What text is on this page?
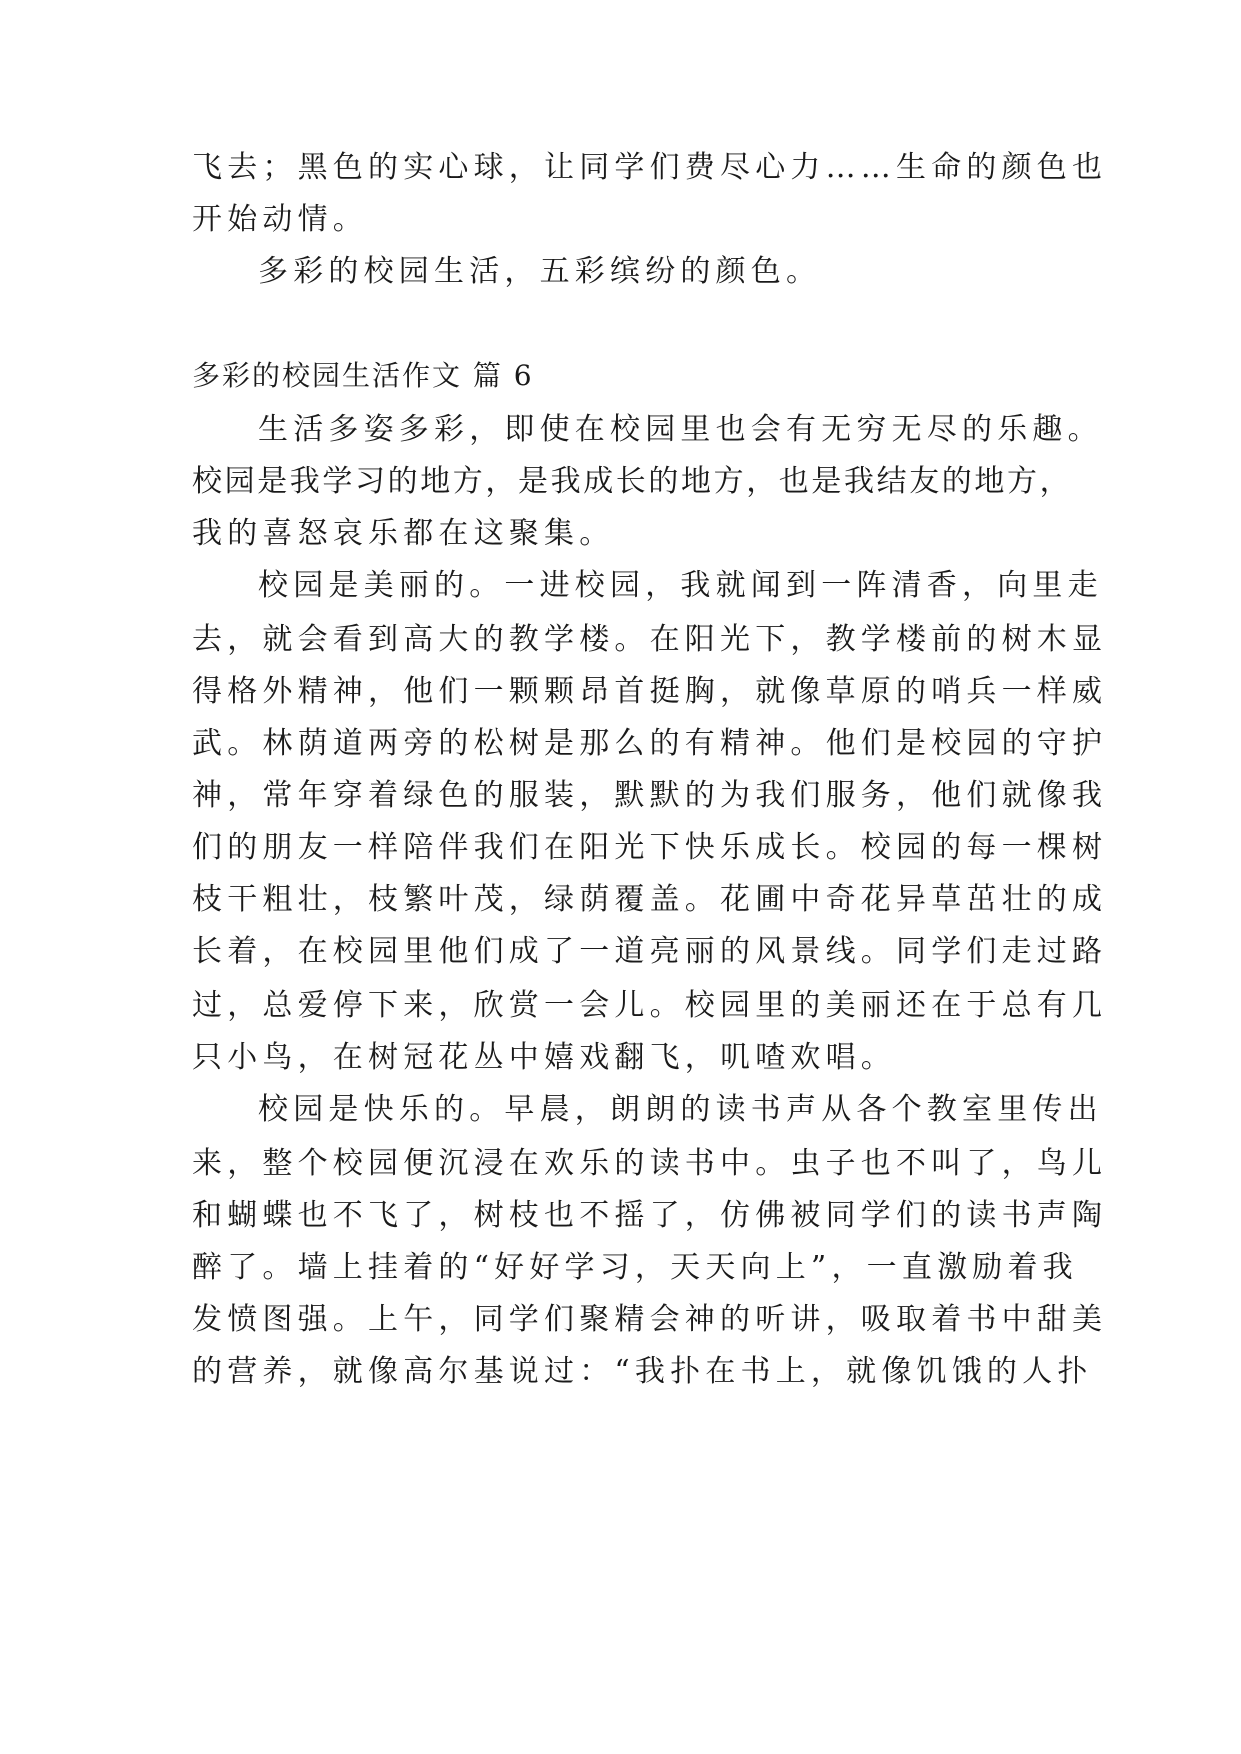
飞去；黑色的实心球，让同学们费尽心力……生命的颜色也
开始动情。
多彩的校园生活，五彩缤纷的颜色。
多彩的校园生活作文 篇 6
生活多姿多彩，即使在校园里也会有无穷无尽的乐趣。
校园是我学习的地方，是我成长的地方，也是我结友的地方，
我的喜怒哀乐都在这聚集。
校园是美丽的。一进校园，我就闻到一阵清香，向里走
去，就会看到高大的教学楼。在阳光下，教学楼前的树木显
得格外精神，他们一颗颗昂首挺胸，就像草原的哨兵一样威
武。林荫道两旁的松树是那么的有精神。他们是校园的守护
神，常年穿着绿色的服装，默默的为我们服务，他们就像我
们的朋友一样陪伴我们在阳光下快乐成长。校园的每一棵树
枝干粗壮，枝繁叶茂，绿荫覆盖。花圃中奇花异草茁壮的成
长着，在校园里他们成了一道亮丽的风景线。同学们走过路
过，总爱停下来，欣赏一会儿。校园里的美丽还在于总有几
只小鸟，在树冠花丛中嬉戏翻飞，叽喳欢唱。
校园是快乐的。早晨，朗朗的读书声从各个教室里传出
来，整个校园便沉浸在欢乐的读书中。虫子也不叫了，鸟儿
和蝴蝶也不飞了，树枝也不摇了，仿佛被同学们的读书声陶
醉了。墙上挂着的“好好学习，天天向上”，一直激励着我
发愤图强。上午，同学们聚精会神的听讲，吸取着书中甜美
的营养，就像高尔基说过：“我扑在书上，就像饥饿的人扑
